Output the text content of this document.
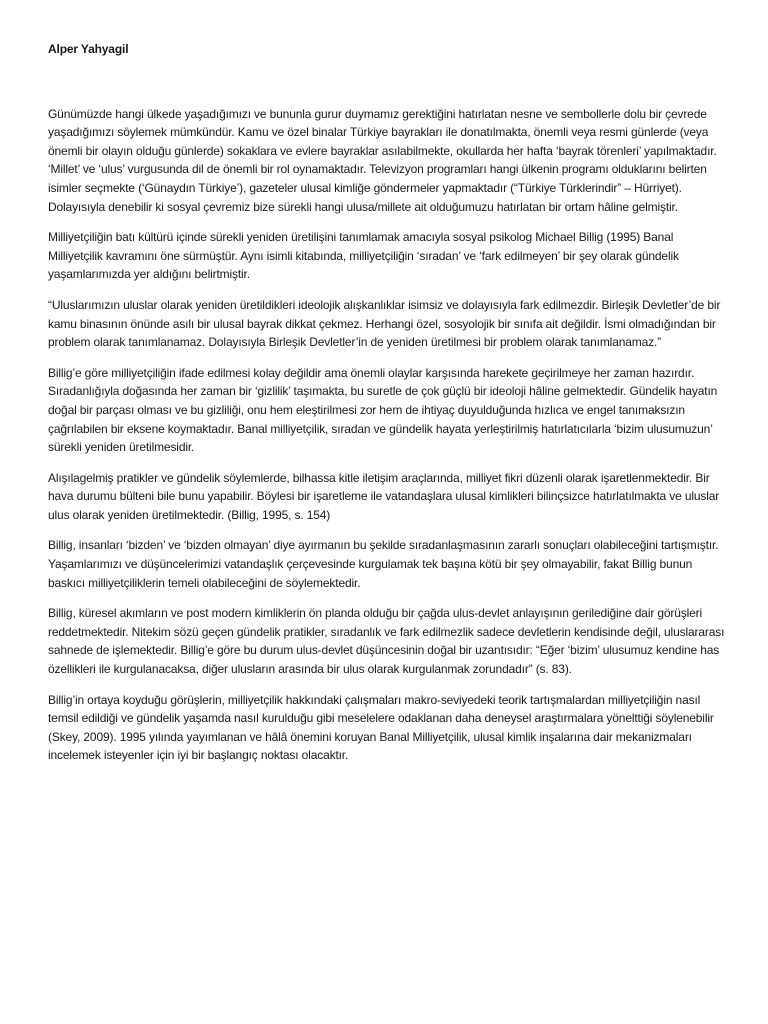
Alper Yahyagil

Günümüzde hangi ülkede yaşadığımızı ve bununla gurur duymamız gerektiğini hatırlatan nesne ve sembollerle dolu bir çevrede yaşadığımızı söylemek mümkündür. Kamu ve özel binalar Türkiye bayrakları ile donatılmakta, önemli veya resmi günlerde (veya önemli bir olayın olduğu günlerde) sokaklara ve evlere bayraklar asılabilmekte, okullarda her hafta ‘bayrak törenleri’ yapılmaktadır. ‘Millet’ ve ‘ulus’ vurgusunda dil de önemli bir rol oynamaktadır. Televizyon programları hangi ülkenin programı olduklarını belirten isimler seçmekte (‘Günaydın Türkiye’), gazeteler ulusal kimliğe göndermeler yapmaktadır (“Türkiye Türklerindir” – Hürriyet). Dolayısıyla denebilir ki sosyal çevremiz bize sürekli hangi ulusa/millete ait olduğumuzu hatırlatan bir ortam hâline gelmiştir.

Milliyetçiliğin batı kültürü içinde sürekli yeniden üretilişini tanımlamak amacıyla sosyal psikolog Michael Billig (1995) Banal Milliyetçilik kavramını öne sürmüştür. Aynı isimli kitabında, milliyetçiliğin ‘sıradan’ ve ‘fark edilmeyen’ bir şey olarak gündelik yaşamlarımızda yer aldığını belirtmiştir.

“Uluslarımızın uluslar olarak yeniden üretildikleri ideolojik alışkanlıklar isimsiz ve dolayısıyla fark edilmezdir. Birleşik Devletler’de bir kamu binasının önünde asılı bir ulusal bayrak dikkat çekmez. Herhangi özel, sosyolojik bir sınıfa ait değildir. İsmi olmadığından bir problem olarak tanımlanamaz. Dolayısıyla Birleşik Devletler’in de yeniden üretilmesi bir problem olarak tanımlanamaz.”

Billig’e göre milliyetçiliğin ifade edilmesi kolay değildir ama önemli olaylar karşısında harekete geçirilmeye her zaman hazırdır. Sıradanlığıyla doğasında her zaman bir ‘gizlilik’ taşımakta, bu suretle de çok güçlü bir ideoloji hâline gelmektedir. Gündelik hayatın doğal bir parçası olması ve bu gizliliği, onu hem eleştirilmesi zor hem de ihtiyaç duyulduğunda hızlıca ve engel tanımaksızın çağrılabilen bir eksene koymaktadır. Banal milliyetçilik, sıradan ve gündelik hayata yerleştirilmiş hatırlatıcılarla ‘bizim ulusumuzun’ sürekli yeniden üretilmesidir.

Alışılagelmiş pratikler ve gündelik söylemlerde, bilhassa kitle iletişim araçlarında, milliyet fikri düzenli olarak işaretlenmektedir. Bir hava durumu bülteni bile bunu yapabilir. Böylesi bir işaretleme ile vatandaşlara ulusal kimlikleri bilinçsizce hatırlatılmakta ve uluslar ulus olarak yeniden üretilmektedir. (Billig, 1995, s. 154)

Billig, insanları ‘bizden’ ve ‘bizden olmayan’ diye ayırmanın bu şekilde sıradanlaşmasının zararlı sonuçları olabileceğini tartışmıştır. Yaşamlarımızı ve düşüncelerimizi vatandaşlık çerçevesinde kurgulamak tek başına kötü bir şey olmayabilir, fakat Billig bunun baskıcı milliyetçiliklerin temeli olabileceğini de söylemektedir.

Billig, küresel akımların ve post modern kimliklerin ön planda olduğu bir çağda ulus-devlet anlayışının gerilediğine dair görüşleri reddetmektedir. Nitekim sözü geçen gündelik pratikler, sıradanlık ve fark edilmezlik sadece devletlerin kendisinde değil, uluslararası sahnede de işlemektedir. Billig’e göre bu durum ulus-devlet düşüncesinin doğal bir uzantısıdır: “Eğer ‘bizim’ ulusumuz kendine has özellikleri ile kurgulanacaksa, diğer ulusların arasında bir ulus olarak kurgulanmak zorundadır” (s. 83).

Billig’in ortaya koyduğu görüşlerin, milliyetçilik hakkındaki çalışmaları makro-seviyedeki teorik tartışmalardan milliyetçiliğin nasıl temsil edildiği ve gündelik yaşamda nasıl kurulduğu gibi meselelere odaklanan daha deneysel araştırmalara yönelttiği söylenebilir (Skey, 2009). 1995 yılında yayımlanan ve hâlâ önemini koruyan Banal Milliyetçilik, ulusal kimlik inşalarına dair mekanizmaları incelemek isteyenler için iyi bir başlangıç noktası olacaktır.
